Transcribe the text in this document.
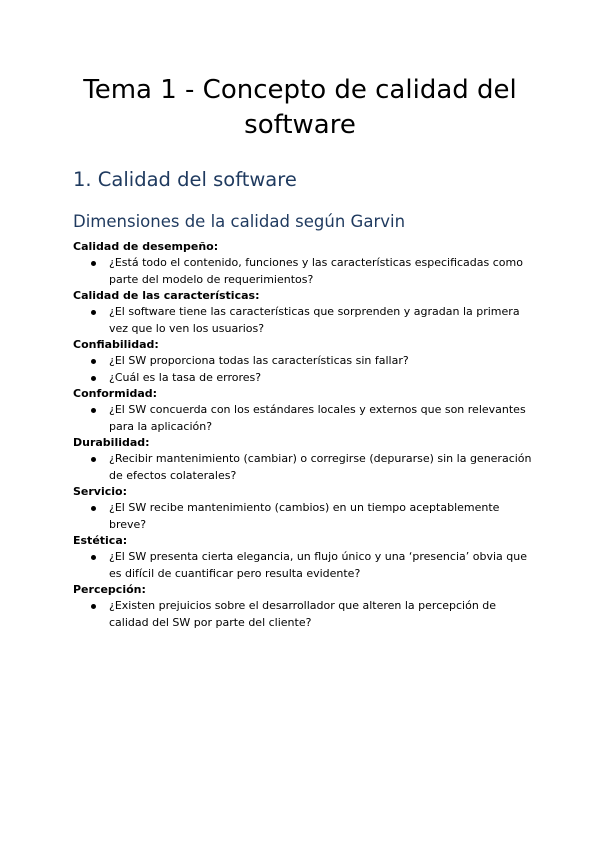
Tema 1 - Concepto de calidad del software
1. Calidad del software
Dimensiones de la calidad según Garvin
Calidad de desempeño:
¿Está todo el contenido, funciones y las características especificadas como parte del modelo de requerimientos?
Calidad de las características:
¿El software tiene las características que sorprenden y agradan la primera vez que lo ven los usuarios?
Confiabilidad:
¿El SW proporciona todas las características sin fallar?
¿Cuál es la tasa de errores?
Conformidad:
¿El SW concuerda con los estándares locales y externos que son relevantes para la aplicación?
Durabilidad:
¿Recibir mantenimiento (cambiar) o corregirse (depurarse) sin la generación de efectos colaterales?
Servicio:
¿El SW recibe mantenimiento (cambios) en un tiempo aceptablemente breve?
Estética:
¿El SW presenta cierta elegancia, un flujo único y una ‘presencia’ obvia que es difícil de cuantificar pero resulta evidente?
Percepción:
¿Existen prejuicios sobre el desarrollador que alteren la percepción de calidad del SW por parte del cliente?
